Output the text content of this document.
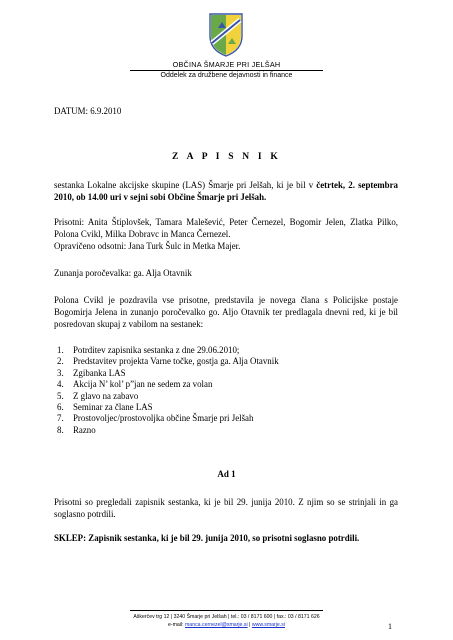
OBČINA ŠMARJE PRI JELŠAH
Oddelek za družbene dejavnosti in finance
DATUM: 6.9.2010
Z A P I S N I K
sestanka Lokalne akcijske skupine (LAS) Šmarje pri Jelšah, ki je bil v četrtek, 2. septembra 2010, ob 14.00 uri v sejni sobi Občine Šmarje pri Jelšah.

Prisotni: Anita Štiplovšek, Tamara Malešević, Peter Černezel, Bogomir Jelen, Zlatka Pilko, Polona Cvikl, Milka Dobravc in Manca Černezel.

Opravičeno odsotni: Jana Turk Šulc in Metka Majer.

Zunanja poročevalka: ga. Alja Otavnik
Polona Cvikl je pozdravila vse prisotne, predstavila je novega člana s Policijske postaje Bogomirja Jelena in zunanjo poročevalko go. Aljo Otavnik ter predlagala dnevni red, ki je bil posredovan skupaj z vabilom na sestanek:
1.	Potrditev zapisnika sestanka z dne 29.06.2010;
2.	Predstavitev projekta Varne točke, gostja ga. Alja Otavnik
3.	Zgibanka LAS
4.	Akcija N’ kol’ p”jan ne sedem za volan
5.	Z glavo na zabavo
6.	Seminar za člane LAS
7.	Prostovoljec/prostovoljka občine Šmarje pri Jelšah
8.	Razno
Ad 1
Prisotni so pregledali zapisnik sestanka, ki je bil 29. junija 2010. Z njim so se strinjali in ga soglasno potrdili.
SKLEP: Zapisnik sestanka, ki je bil 29. junija 2010, so prisotni soglasno potrdili.
Aškerčev trg 12 | 3240 Šmarje pri Jelšah | tel.: 03 / 8171 600 | fax.: 03 / 8171 626
e-mail: manca.cernezel@smarje.si | www.smarje.si	1
